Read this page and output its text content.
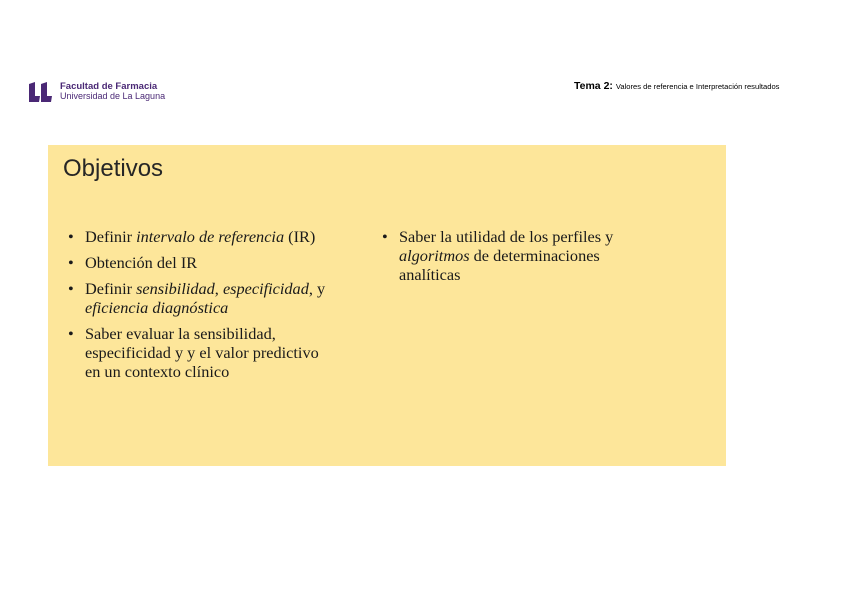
Facultad de Farmacia
Universidad de La Laguna
Tema 2: Valores de referencia e Interpretación resultados
Objetivos
• Definir intervalo de referencia (IR)
• Obtención del IR
• Definir sensibilidad, especificidad, y eficiencia diagnóstica
• Saber evaluar la sensibilidad, especificidad y y el valor predictivo en un contexto clínico
• Saber la utilidad de los perfiles y algoritmos de determinaciones analíticas
